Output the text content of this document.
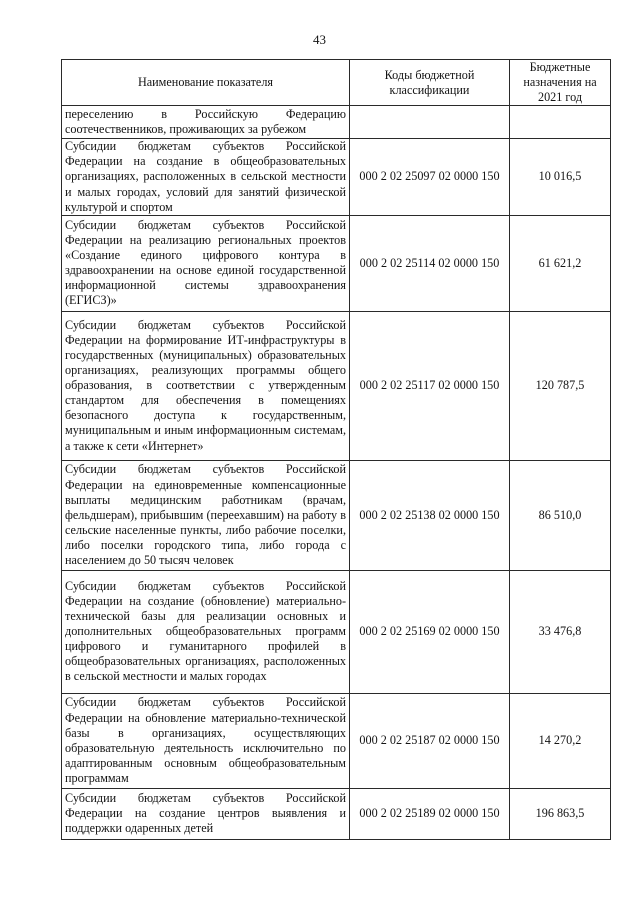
43
Наименование показателя	Коды бюджетной классификации	Бюджетные назначения на 2021 год
переселению в Российскую Федерацию соотечественников, проживающих за рубежом		
Субсидии бюджетам субъектов Российской Федерации на создание в общеобразовательных организациях, расположенных в сельской местности и малых городах, условий для занятий физической культурой и спортом	000 2 02 25097 02 0000 150	10 016,5
Субсидии бюджетам субъектов Российской Федерации на реализацию региональных проектов «Создание единого цифрового контура в здравоохранении на основе единой государственной информационной системы здравоохранения (ЕГИСЗ)»	000 2 02 25114 02 0000 150	61 621,2
Субсидии бюджетам субъектов Российской Федерации на формирование ИТ-инфраструктуры в государственных (муниципальных) образовательных организациях, реализующих программы общего образования, в соответствии с утвержденным стандартом для обеспечения в помещениях безопасного доступа к государственным, муниципальным и иным информационным системам, а также к сети «Интернет»	000 2 02 25117 02 0000 150	120 787,5
Субсидии бюджетам субъектов Российской Федерации на единовременные компенсационные выплаты медицинским работникам (врачам, фельдшерам), прибывшим (переехавшим) на работу в сельские населенные пункты, либо рабочие поселки, либо поселки городского типа, либо города с населением до 50 тысяч человек	000 2 02 25138 02 0000 150	86 510,0
Субсидии бюджетам субъектов Российской Федерации на создание (обновление) материально-технической базы для реализации основных и дополнительных общеобразовательных программ цифрового и гуманитарного профилей в общеобразовательных организациях, расположенных в сельской местности и малых городах	000 2 02 25169 02 0000 150	33 476,8
Субсидии бюджетам субъектов Российской Федерации на обновление материально-технической базы в организациях, осуществляющих образовательную деятельность исключительно по адаптированным основным общеобразовательным программам	000 2 02 25187 02 0000 150	14 270,2
Субсидии бюджетам субъектов Российской Федерации на создание центров выявления и поддержки одаренных детей	000 2 02 25189 02 0000 150	196 863,5
